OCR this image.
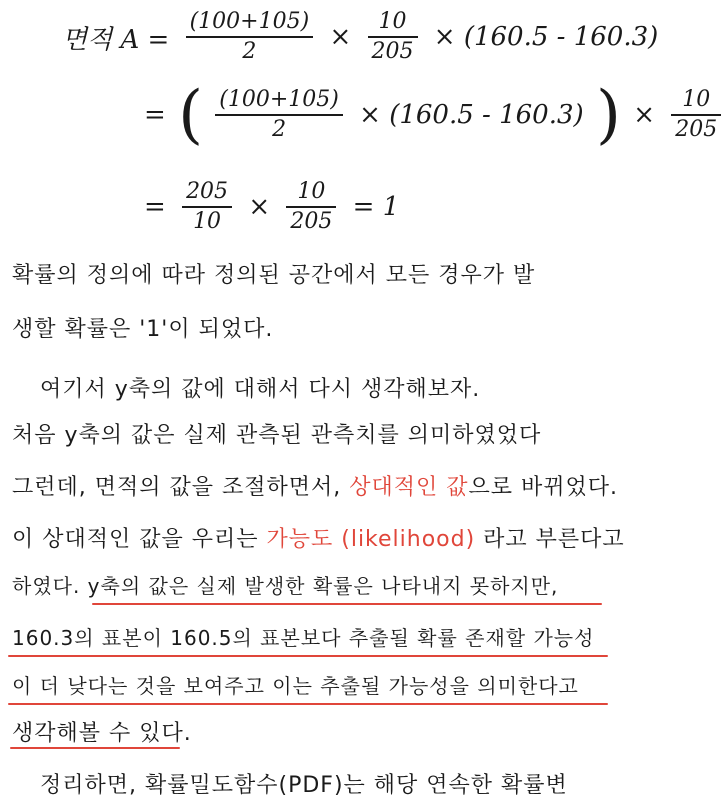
면적 $A = \frac{(100+105)}{2} \times \frac{10}{205} \times (160.5 - 160.3)$
= ( $\frac{(100+105)}{2} \times (160.5 - 160.3)$ ) × $\frac{10}{205}$
= $\frac{205}{10} \times \frac{10}{205} = 1$
확률의 정의에 따라 정의된 공간에서 모든 경우가 발
생할 확률은 '1'이 되었다.
여기서 y축의 값에 대해서 다시 생각해보자.
처음 y축의 값은 실제 관측된 관측치를 의미하였었다
그런데, 면적의 값을 조절하면서, 상대적인 값으로 바뀌었다.
이 상대적인 값을 우리는 가능도 (likelihood) 라고 부른다고
하였다. y축의 값은 실제 발생한 확률은 나타내지 못하지만,
160.3의 표본이 160.5의 표본보다 추출될 확률 존재할 가능성
이 더 낮다는 것을 보여주고 이는 추출될 가능성을 의미한다고
생각해볼 수 있다.
정리하면, 확률밀도함수(PDF)는 해당 연속한 확률변
